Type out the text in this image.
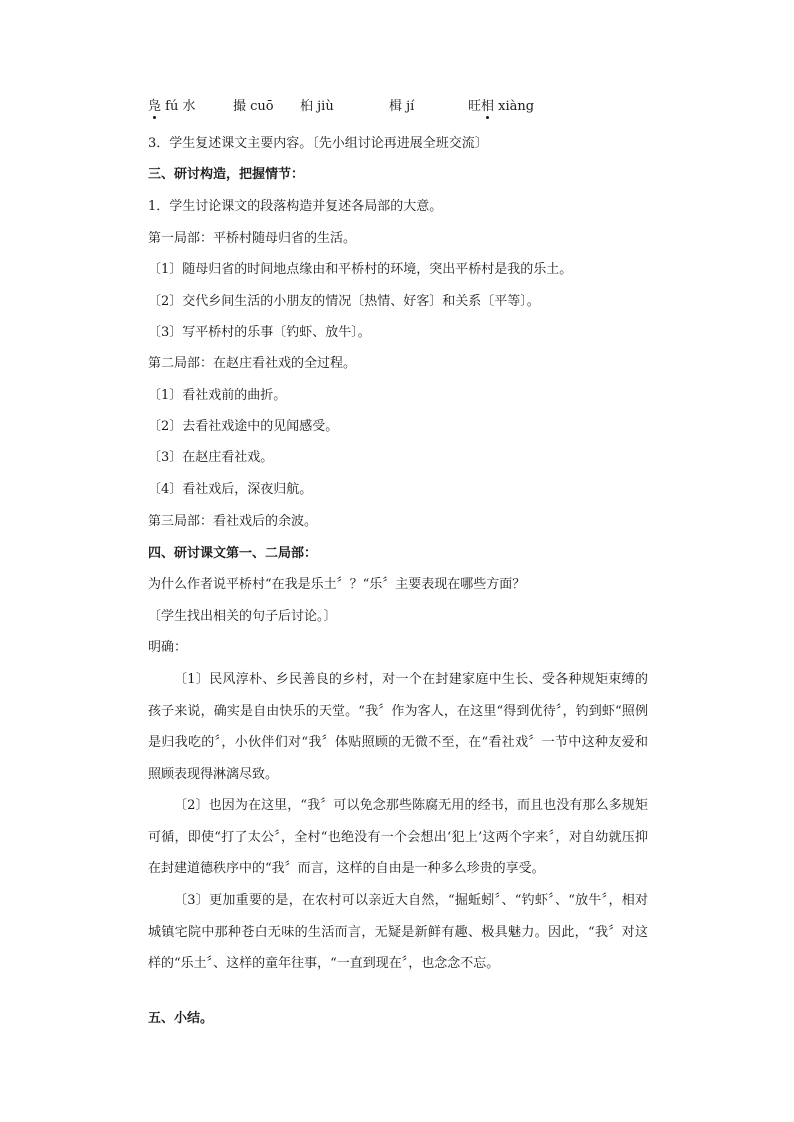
凫 fú 水	撮 cuō 桕 jiù	楫 jí	旺相 xiàng
3．学生复述课文主要内容。〔先小组讨论再进展全班交流〕
三、研讨构造，把握情节：
1．学生讨论课文的段落构造并复述各局部的大意。
第一局部：平桥村随母归省的生活。
〔1〕随母归省的时间地点缘由和平桥村的环境，突出平桥村是我的乐土。
〔2〕交代乡间生活的小朋友的情况〔热情、好客〕和关系〔平等〕。
〔3〕写平桥村的乐事〔钓虾、放牛〕。
第二局部：在赵庄看社戏的全过程。
〔1〕看社戏前的曲折。
〔2〕去看社戏途中的见闻感受。
〔3〕在赵庄看社戏。
〔4〕看社戏后，深夜归航。
第三局部：看社戏后的余波。
四、研讨课文第一、二局部：
为什么作者说平桥村“在我是乐土〞？“乐〞主要表现在哪些方面？
〔学生找出相关的句子后讨论。〕
明确：
〔1〕民风淳朴、乡民善良的乡村，对一个在封建家庭中生长、受各种规矩束缚的孩子来说，确实是自由快乐的天堂。“我〞作为客人，在这里“得到优待〞，钓到虾“照例是归我吃的〞，小伙伴们对“我〞体贴照顾的无微不至，在“看社戏〞一节中这种友爱和照顾表现得淋漓尽致。
〔2〕也因为在这里，“我〞可以免念那些陈腐无用的经书，而且也没有那么多规矩可循，即使“打了太公〞，全村“也绝没有一个会想出‘犯上’这两个字来〞，对自幼就压抑在封建道德秩序中的“我〞而言，这样的自由是一种多么珍贵的享受。
〔3〕更加重要的是，在农村可以亲近大自然，“掘蚯蚓〞、“钓虾〞、“放牛〞，相对城镇宅院中那种苍白无味的生活而言，无疑是新鲜有趣、极具魅力。因此，“我〞对这样的“乐土〞、这样的童年往事，“一直到现在〞，也念念不忘。
五、小结。
